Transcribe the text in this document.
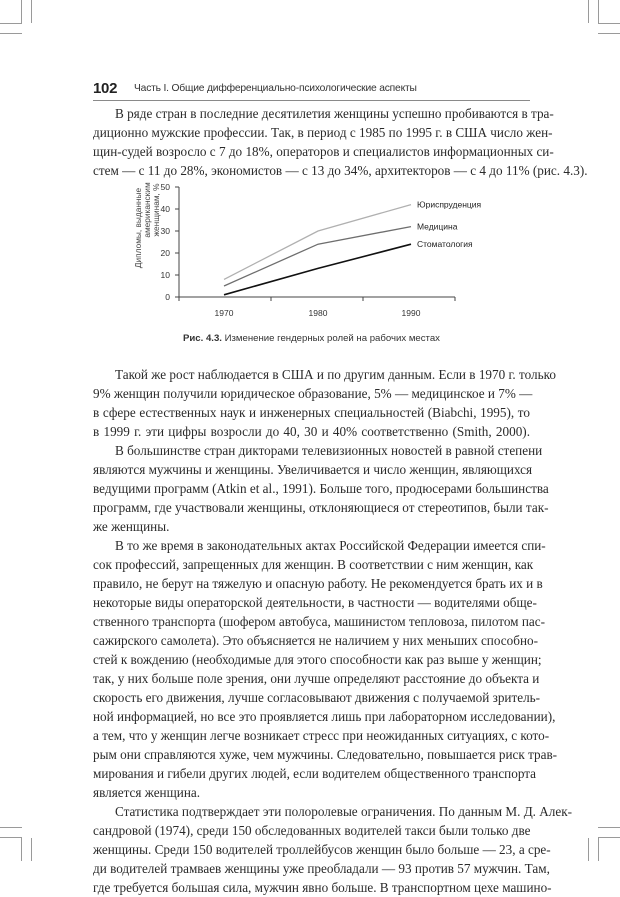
102 Часть I. Общие дифференциально-психологические аспекты

В ряде стран в последние десятилетия женщины успешно пробиваются в тра-
диционно мужские профессии. Так, в период с 1985 по 1995 г. в США число жен-
щин-судей возросло с 7 до 18%, операторов и специалистов информационных си-
стем — с 11 до 28%, экономистов — с 13 до 34%, архитекторов — с 4 до 11% (рис. 4.3).

Дипломы, выданные американским женщинам, %
0
10
20
30
40
50
1970	1980	1990
Юриспруденция
Медицина
Стоматология
Рис. 4.3. Изменение гендерных ролей на рабочих местах

Такой же рост наблюдается в США и по другим данным. Если в 1970 г. только
9% женщин получили юридическое образование, 5% — медицинское и 7% —
в сфере естественных наук и инженерных специальностей (Biabchi, 1995), то
в 1999 г. эти цифры возросли до 40, 30 и 40% соответственно (Smith, 2000).

В большинстве стран дикторами телевизионных новостей в равной степени
являются мужчины и женщины. Увеличивается и число женщин, являющихся
ведущими программ (Atkin et al., 1991). Больше того, продюсерами большинства
программ, где участвовали женщины, отклоняющиеся от стереотипов, были так-
же женщины.

В то же время в законодательных актах Российской Федерации имеется спи-
сок профессий, запрещенных для женщин. В соответствии с ним женщин, как
правило, не берут на тяжелую и опасную работу. Не рекомендуется брать их и в
некоторые виды операторской деятельности, в частности — водителями обще-
ственного транспорта (шофером автобуса, машинистом тепловоза, пилотом пас-
сажирского самолета). Это объясняется не наличием у них меньших способно-
стей к вождению (необходимые для этого способности как раз выше у женщин;
так, у них больше поле зрения, они лучше определяют расстояние до объекта и
скорость его движения, лучше согласовывают движения с получаемой зритель-
ной информацией, но все это проявляется лишь при лабораторном исследовании),
а тем, что у женщин легче возникает стресс при неожиданных ситуациях, с кото-
рым они справляются хуже, чем мужчины. Следовательно, повышается риск трав-
мирования и гибели других людей, если водителем общественного транспорта
является женщина.

Статистика подтверждает эти полоролевые ограничения. По данным М. Д. Алек-
сандровой (1974), среди 150 обследованных водителей такси были только две
женщины. Среди 150 водителей троллейбусов женщин было больше — 23, а сре-
ди водителей трамваев женщины уже преобладали — 93 против 57 мужчин. Там,
где требуется большая сила, мужчин явно больше. В транспортном цехе машино-
